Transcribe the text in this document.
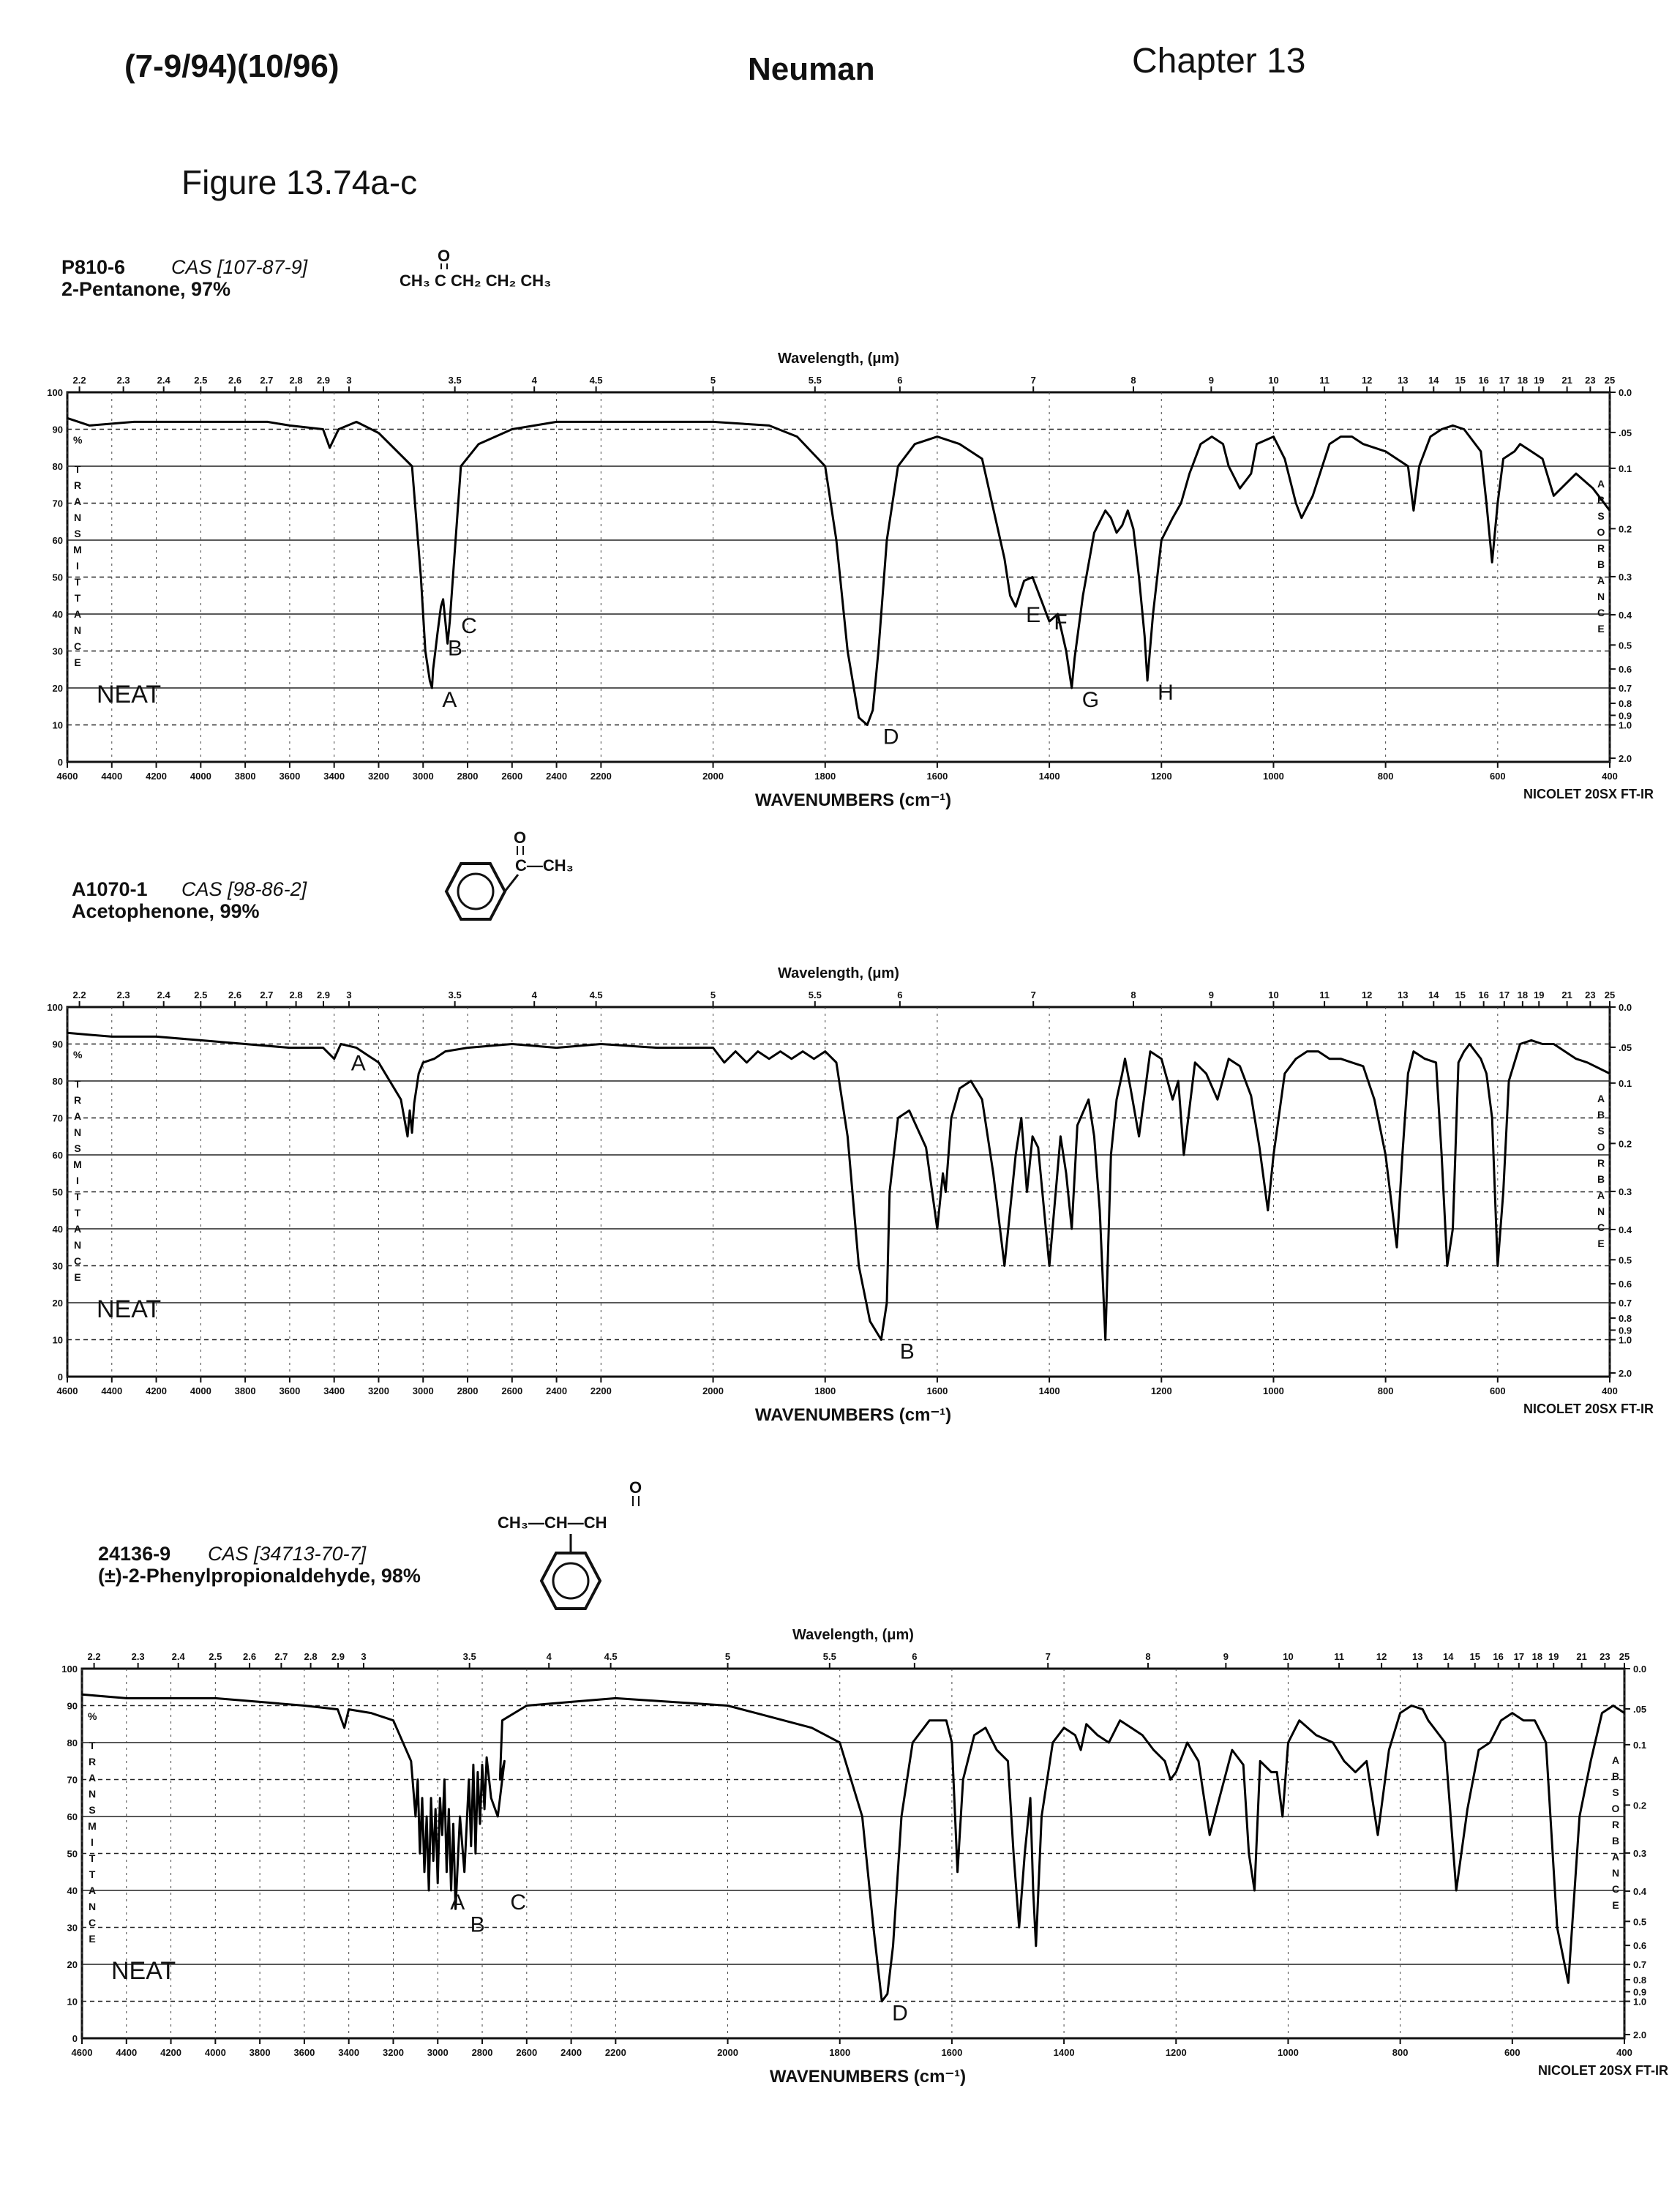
(7-9/94)(10/96)	Neuman	Chapter 13
Figure 13.74a-c
P810-6 CAS [107-87-9]
2-Pentanone, 97%
O
CH₃ C CH₂ CH₂ CH₃
A1070-1 CAS [98-86-2]
Acetophenone, 99%
O
C—CH₃
24136-9 CAS [34713-70-7]
(±)-2-Phenylpropionaldehyde, 98%
O
CH₃—CH—CH
100
90
80
70
60
50
40
30
20
10
0
4600 4400 4200 4000 3800 3600 3400 3200 3000 2800 2600 2400 2200	2000	1800	1600	1400	1200	1000	800	600	400
2.2	2.3	2.4	2.5 2.6 2.7 2.8 2.9 3	3.5	4	4.5	5	5.5	6	7	8	9	10	11	12	13 14 15 16 17 18 19 21 23 25
0.0
.05
0.1
0.2
0.3
0.4
0.5
0.6
0.7
0.8
0.9
1.0
2.0
Wavelength, (μm)
WAVENUMBERS (cm⁻¹)	NICOLET 20SX FT-IR
%
NEAT
T
R
A
N
S
M
I
T
T
A
N
C
E
A
B
S
O
R
B
A
N
C
E
A
B
C
D
E F
G	H
100
90
80
70
60
50
40
30
20
10
0
4600 4400 4200 4000 3800 3600 3400 3200 3000 2800 2600 2400 2200	2000	1800	1600	1400	1200	1000	800	600	400
2.2	2.3	2.4	2.5 2.6 2.7 2.8 2.9 3	3.5	4	4.5	5	5.5	6	7	8	9	10	11	12	13 14 15 16 17 18 19 21 23 25
0.0
.05
0.1
0.2
0.3
0.4
0.5
0.6
0.7
0.8
0.9
1.0
2.0
Wavelength, (μm)
WAVENUMBERS (cm⁻¹)	NICOLET 20SX FT-IR
%
NEAT
T
R
A
N
S
M
I
T
T
A
N
C
E
A
B
S
O
R
B
A
N
C
E
A
B
100
90
80
70
60
50
40
30
20
10
0
4600 4400 4200 4000 3800 3600 3400 3200 3000 2800 2600 2400 2200	2000	1800	1600	1400	1200	1000	800	600	400
2.2	2.3	2.4	2.5 2.6 2.7 2.8 2.9 3	3.5	4	4.5	5	5.5	6	7	8	9	10	11	12	13 14 15 16 17 18 19 21 23 25
0.0
.05
0.1
0.2
0.3
0.4
0.5
0.6
0.7
0.8
0.9
1.0
2.0
Wavelength, (μm)
WAVENUMBERS (cm⁻¹)	NICOLET 20SX FT-IR
%
NEAT
T
R
A
N
S
M
I
T
T
A
N
C
E
A
B
S
O
R
B
A
N
C
E
A
B
C
D
